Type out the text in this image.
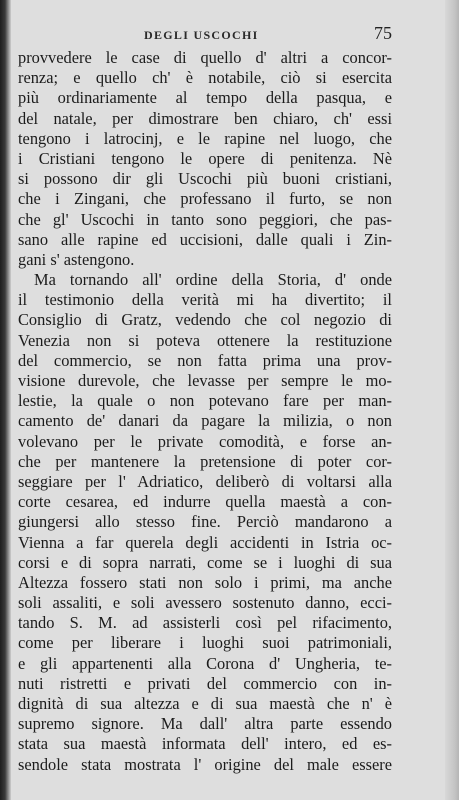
DEGLI USCOCHI	75
provvedere le case di quello d' altri a concor-
renza; e quello ch' è notabile, ciò si esercita
più ordinariamente al tempo della pasqua, e
del natale, per dimostrare ben chiaro, ch' essi
tengono i latrocinj, e le rapine nel luogo, che
i Cristiani tengono le opere di penitenza. Nè
si possono dir gli Uscochi più buoni cristiani,
che i Zingani, che professano il furto, se non
che gl' Uscochi in tanto sono peggiori, che pas-
sano alle rapine ed uccisioni, dalle quali i Zin-
gani s' astengono.
Ma tornando all' ordine della Storia, d' onde
il testimonio della verità mi ha divertito; il
Consiglio di Gratz, vedendo che col negozio di
Venezia non si poteva ottenere la restituzione
del commercio, se non fatta prima una prov-
visione durevole, che levasse per sempre le mo-
lestie, la quale o non potevano fare per man-
camento de' danari da pagare la milizia, o non
volevano per le private comodità, e forse an-
che per mantenere la pretensione di poter cor-
seggiare per l' Adriatico, deliberò di voltarsi alla
corte cesarea, ed indurre quella maestà a con-
giungersi allo stesso fine. Perciò mandarono a
Vienna a far querela degli accidenti in Istria oc-
corsi e di sopra narrati, come se i luoghi di sua
Altezza fossero stati non solo i primi, ma anche
soli assaliti, e soli avessero sostenuto danno, ecci-
tando S. M. ad assisterli così pel rifacimento,
come per liberare i luoghi suoi patrimoniali,
e gli appartenenti alla Corona d' Ungheria, te-
nuti ristretti e privati del commercio con in-
dignità di sua altezza e di sua maestà che n' è
supremo signore. Ma dall' altra parte essendo
stata sua maestà informata dell' intero, ed es-
sendole stata mostrata l' origine del male essere
